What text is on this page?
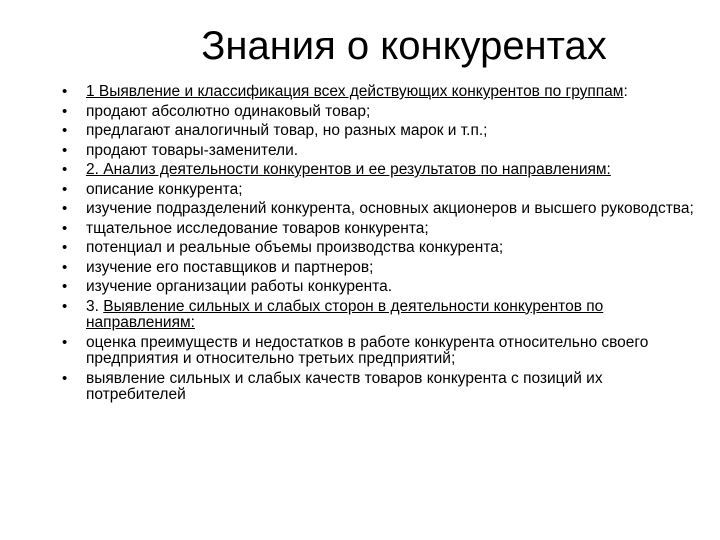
Знания о конкурентах
•	1 Выявление и классификация всех действующих конкурентов по группам:
•	продают абсолютно одинаковый товар;
•	предлагают аналогичный товар, но разных марок и т.п.;
•	продают товары-заменители.
•	2. Анализ деятельности конкурентов и ее результатов по направлениям:
•	описание конкурента;
•	изучение подразделений конкурента, основных акционеров и высшего руководства;
•	тщательное исследование товаров конкурента;
•	потенциал и реальные объемы производства конкурента;
•	изучение его поставщиков и партнеров;
•	изучение организации работы конкурента.
•	3. Выявление сильных и слабых сторон в деятельности конкурентов по направлениям:
•	оценка преимуществ и недостатков в работе конкурента относительно своего предприятия и относительно третьих предприятий;
•	выявление сильных и слабых качеств товаров конкурента с позиций их потребителей
